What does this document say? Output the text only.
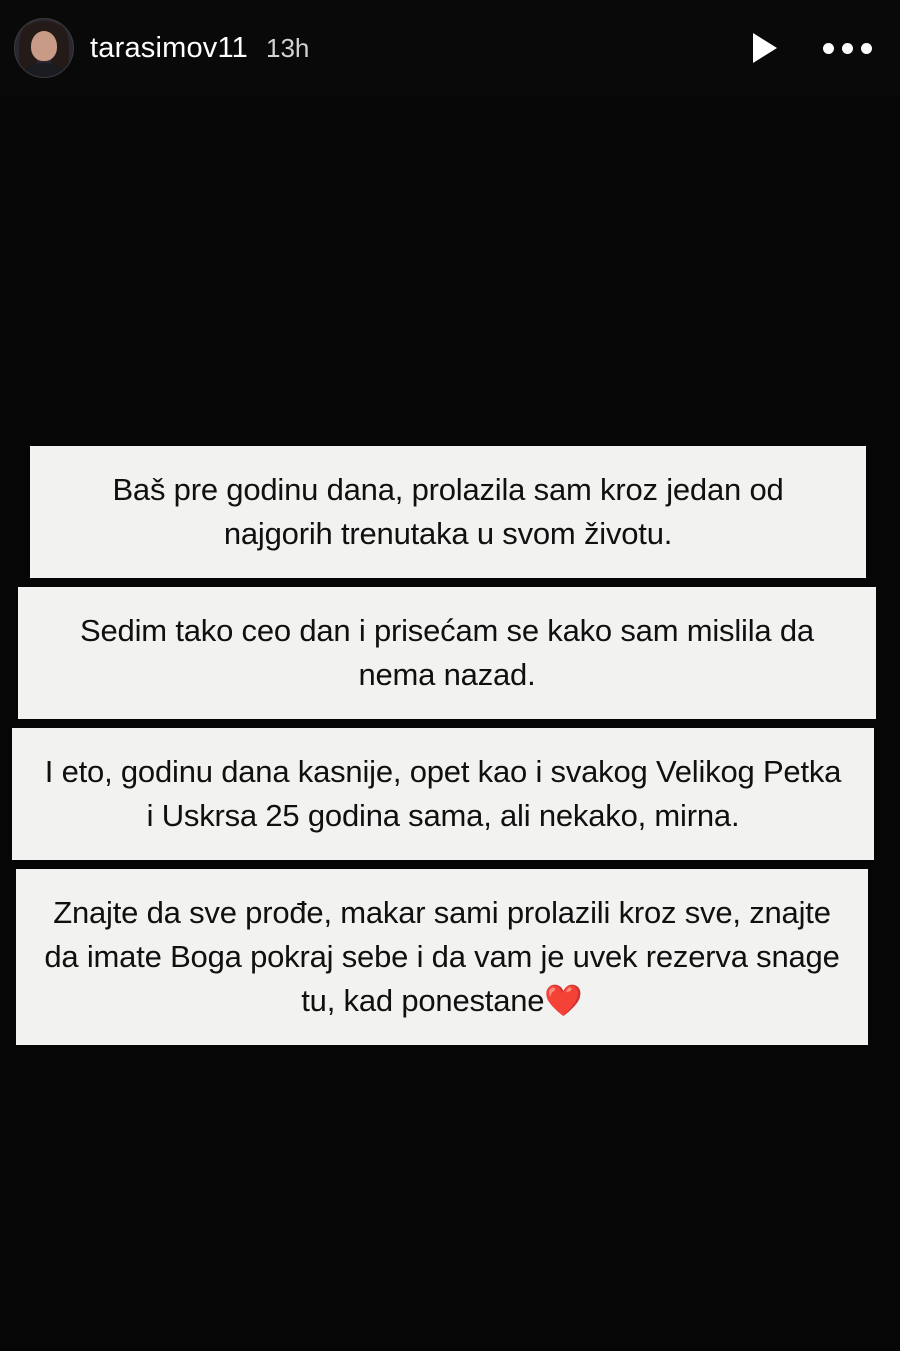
tarasimov11 13h
Baš pre godinu dana, prolazila sam kroz jedan od najgorih trenutaka u svom životu.
Sedim tako ceo dan i prisećam se kako sam mislila da nema nazad.
I eto, godinu dana kasnije, opet kao i svakog Velikog Petka i Uskrsa 25 godina sama, ali nekako, mirna.
Znajte da sve prođe, makar sami prolazili kroz sve, znajte da imate Boga pokraj sebe i da vam je uvek rezerva snage tu, kad ponestane❤️
